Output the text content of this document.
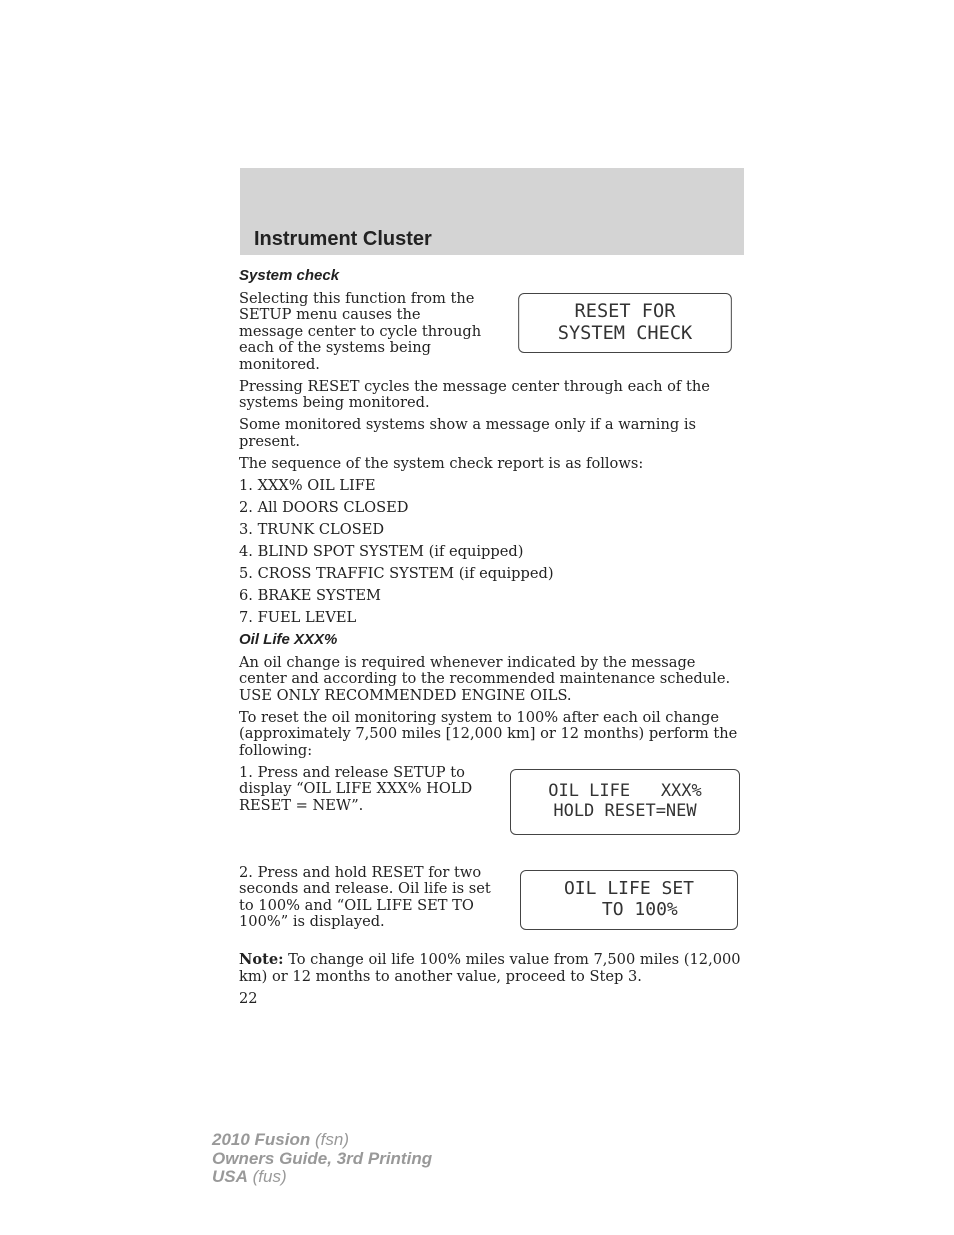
Instrument Cluster
System check
RESET FOR
SYSTEM CHECK

Selecting this function from the SETUP menu causes the message center to cycle through each of the systems being monitored.

Pressing RESET cycles the message center through each of the systems being monitored.

Some monitored systems show a message only if a warning is present.

The sequence of the system check report is as follows:

1. XXX% OIL LIFE
2. All DOORS CLOSED
3. TRUNK CLOSED
4. BLIND SPOT SYSTEM (if equipped)
5. CROSS TRAFFIC SYSTEM (if equipped)
6. BRAKE SYSTEM
7. FUEL LEVEL
Oil Life XXX%

An oil change is required whenever indicated by the message center and according to the recommended maintenance schedule. USE ONLY RECOMMENDED ENGINE OILS.

To reset the oil monitoring system to 100% after each oil change (approximately 7,500 miles [12,000 km] or 12 months) perform the following:

OIL LIFE   XXX%
HOLD RESET=NEW

1. Press and release SETUP to display “OIL LIFE XXX% HOLD RESET = NEW”.

OIL LIFE SET
TO 100%

2. Press and hold RESET for two seconds and release. Oil life is set to 100% and “OIL LIFE SET TO 100%” is displayed.

Note: To change oil life 100% miles value from 7,500 miles (12,000 km) or 12 months to another value, proceed to Step 3.

22
2010 Fusion (fsn)
Owners Guide, 3rd Printing
USA (fus)
